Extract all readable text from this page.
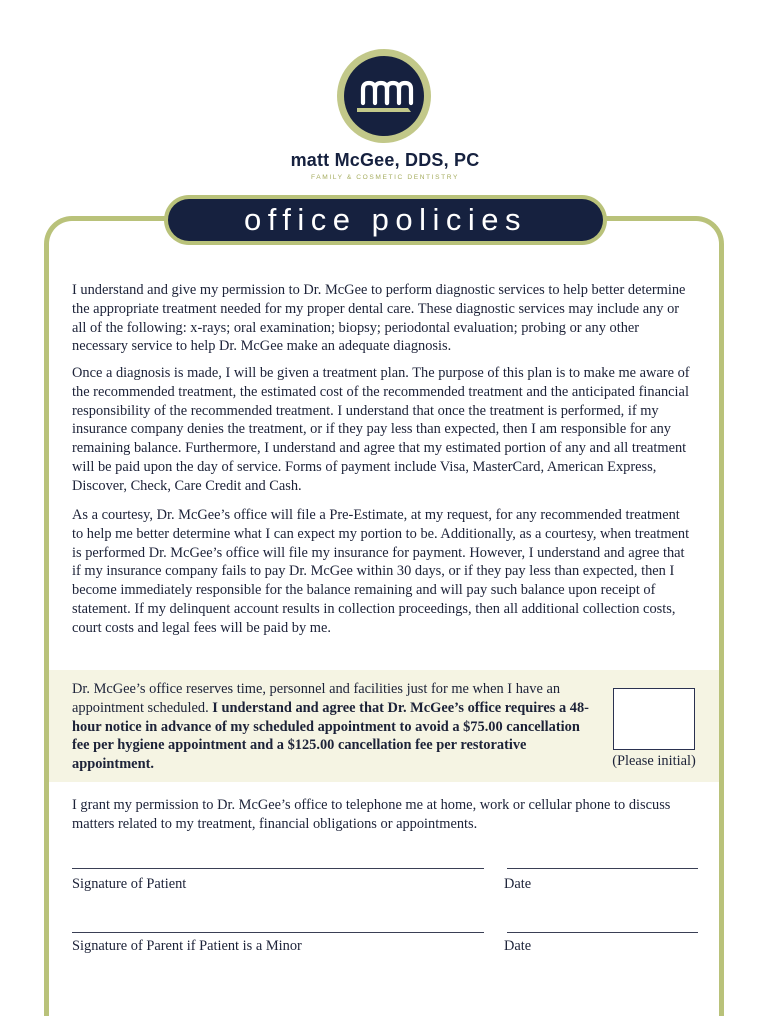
matt McGee, DDS, PC
FAMILY & COSMETIC DENTISTRY
office policies

I understand and give my permission to Dr. McGee to perform diagnostic services to help better determine the appropriate treatment needed for my proper dental care. These diagnostic services may include any or all of the following: x-rays; oral examination; biopsy; periodontal evaluation; probing or any other necessary service to help Dr. McGee make an adequate diagnosis.

Once a diagnosis is made, I will be given a treatment plan. The purpose of this plan is to make me aware of the recommended treatment, the estimated cost of the recommended treatment and the anticipated financial responsibility of the recommended treatment. I understand that once the treatment is performed, if my insurance company denies the treatment, or if they pay less than expected, then I am responsible for any remaining balance. Furthermore, I understand and agree that my estimated portion of any and all treatment will be paid upon the day of service. Forms of payment include Visa, MasterCard, American Express, Discover, Check, Care Credit and Cash.

As a courtesy, Dr. McGee’s office will file a Pre-Estimate, at my request, for any recommended treatment to help me better determine what I can expect my portion to be. Additionally, as a courtesy, when treatment is performed Dr. McGee’s office will file my insurance for payment. However, I understand and agree that if my insurance company fails to pay Dr. McGee within 30 days, or if they pay less than expected, then I become immediately responsible for the balance remaining and will pay such balance upon receipt of statement. If my delinquent account results in collection proceedings, then all additional collection costs, court costs and legal fees will be paid by me.

Dr. McGee’s office reserves time, personnel and facilities just for me when I have an appointment scheduled. I understand and agree that Dr. McGee’s office requires a 48- hour notice in advance of my scheduled appointment to avoid a $75.00 cancellation fee per hygiene appointment and a $125.00 cancellation fee per restorative appointment.	(Please initial)

I grant my permission to Dr. McGee’s office to telephone me at home, work or cellular phone to discuss matters related to my treatment, financial obligations or appointments.

Signature of Patient	Date
Signature of Parent if Patient is a Minor	Date
